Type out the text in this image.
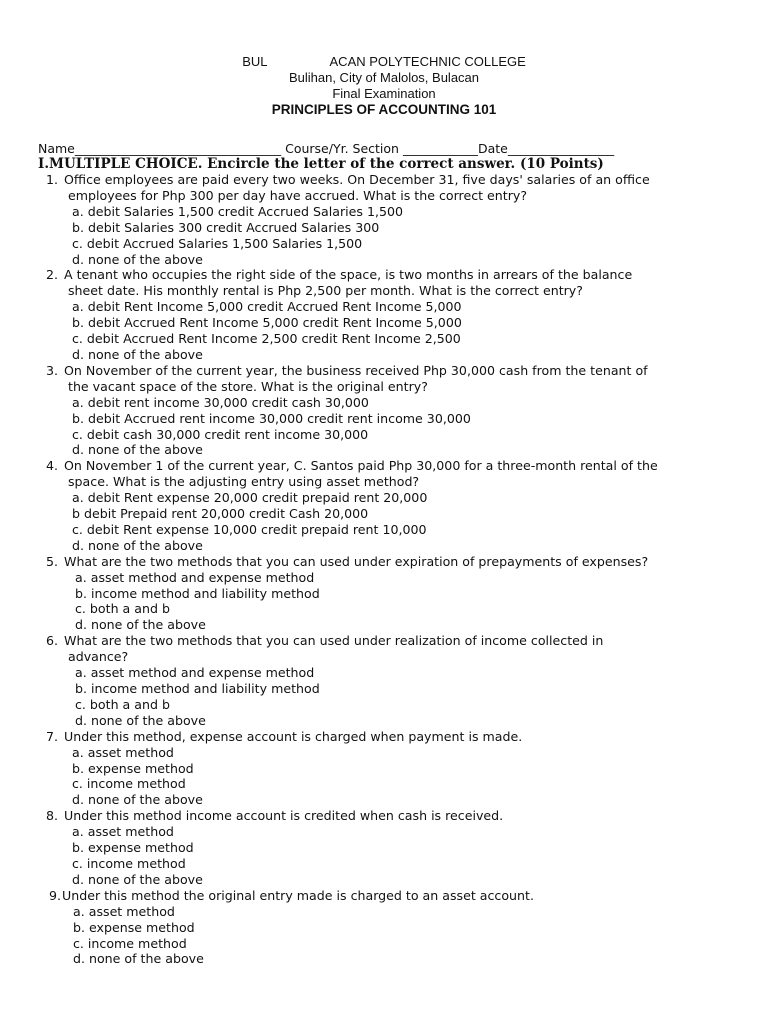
BUL	ACAN POLYTECHNIC COLLEGE
Bulihan, City of Malolos, Bulacan
Final Examination
PRINCIPLES OF ACCOUNTING 101
Name_________________________________ Course/Yr. Section ____________Date_________________
I.MULTIPLE CHOICE. Encircle the letter of the correct answer. (10 Points)
1. Office employees are paid every two weeks. On December 31, five days' salaries of an office
employees for Php 300 per day have accrued. What is the correct entry?
a. debit Salaries 1,500 credit Accrued Salaries 1,500
b. debit Salaries 300 credit Accrued Salaries 300
c. debit Accrued Salaries 1,500 Salaries 1,500
d. none of the above
2. A tenant who occupies the right side of the space, is two months in arrears of the balance
sheet date. His monthly rental is Php 2,500 per month. What is the correct entry?
a. debit Rent Income 5,000 credit Accrued Rent Income 5,000
b. debit Accrued Rent Income 5,000 credit Rent Income 5,000
c. debit Accrued Rent Income 2,500 credit Rent Income 2,500
d. none of the above
3. On November of the current year, the business received Php 30,000 cash from the tenant of
the vacant space of the store. What is the original entry?
a. debit rent income 30,000 credit cash 30,000
b. debit Accrued rent income 30,000 credit rent income 30,000
c. debit cash 30,000 credit rent income 30,000
d. none of the above
4. On November 1 of the current year, C. Santos paid Php 30,000 for a three-month rental of the
space. What is the adjusting entry using asset method?
a. debit Rent expense 20,000 credit prepaid rent 20,000
b debit Prepaid rent 20,000 credit Cash 20,000
c. debit Rent expense 10,000 credit prepaid rent 10,000
d. none of the above
5. What are the two methods that you can used under expiration of prepayments of expenses?
a. asset method and expense method
b. income method and liability method
c. both a and b
d. none of the above
6. What are the two methods that you can used under realization of income collected in
advance?
a. asset method and expense method
b. income method and liability method
c. both a and b
d. none of the above
7. Under this method, expense account is charged when payment is made.
a. asset method
b. expense method
c. income method
d. none of the above
8. Under this method income account is credited when cash is received.
a. asset method
b. expense method
c. income method
d. none of the above
9. Under this method the original entry made is charged to an asset account.
a. asset method
b. expense method
c. income method
d. none of the above
